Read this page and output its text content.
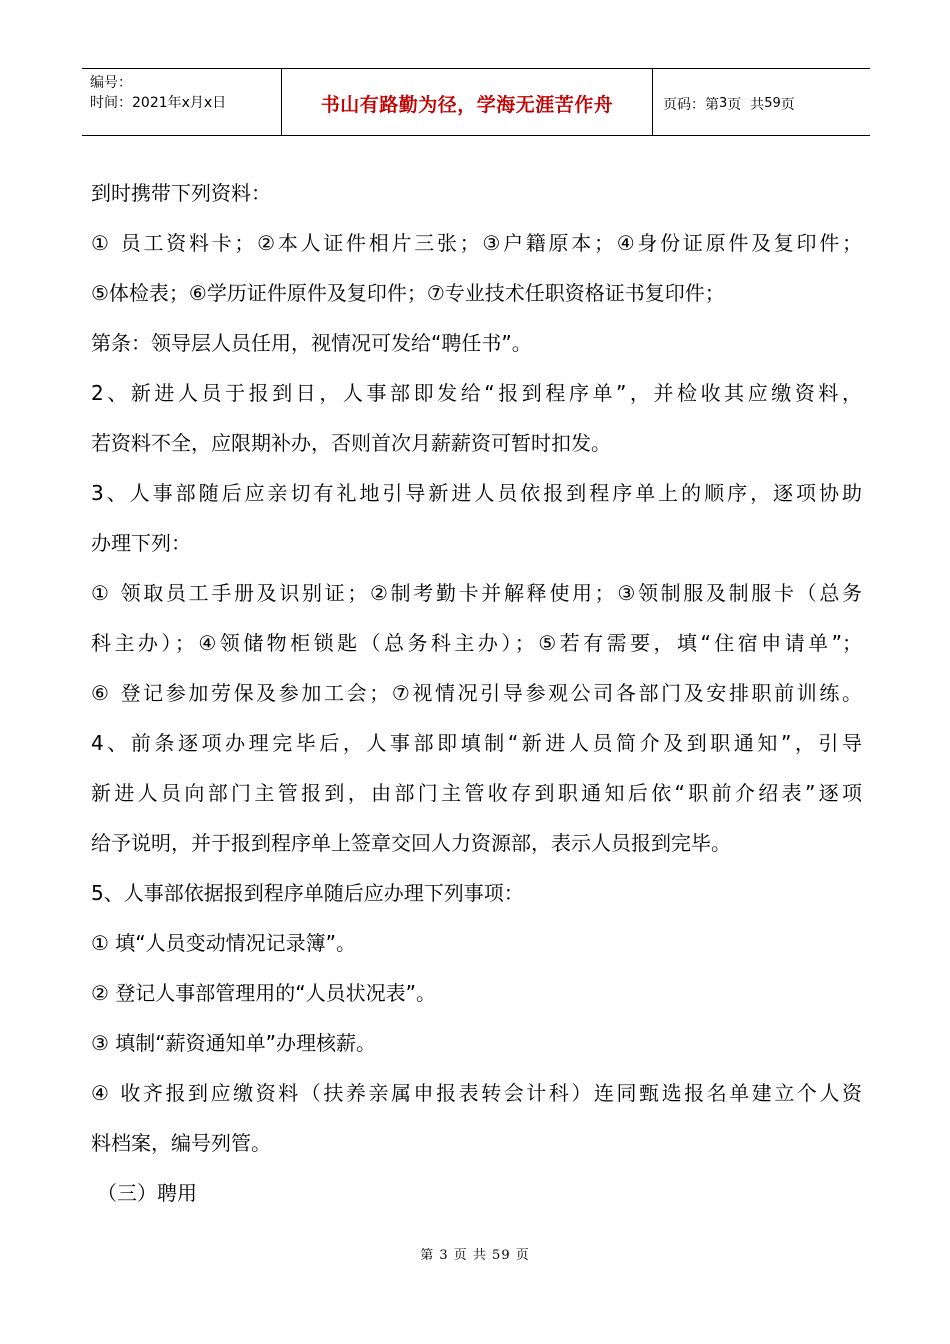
编号：
时间：2021年x月x日	书山有路勤为径，学海无涯苦作舟	页码：第 3 页  共 59 页

到时携带下列资料：

① 员工资料卡；②本人证件相片三张；③户籍原本；④身份证原件及复印件；

⑤体检表；⑥学历证件原件及复印件；⑦专业技术任职资格证书复印件；

第条：领导层人员任用，视情况可发给“聘任书”。

2、新进人员于报到日，人事部即发给“报到程序单”，并检收其应缴资料，

若资料不全，应限期补办，否则首次月薪薪资可暂时扣发。

3、人事部随后应亲切有礼地引导新进人员依报到程序单上的顺序，逐项协助

办理下列：

① 领取员工手册及识别证；②制考勤卡并解释使用；③领制服及制服卡（总务

科主办）；④领储物柜锁匙（总务科主办）；⑤若有需要，填“住宿申请单”；

⑥ 登记参加劳保及参加工会；⑦视情况引导参观公司各部门及安排职前训练。

4、前条逐项办理完毕后，人事部即填制“新进人员简介及到职通知”，引导

新进人员向部门主管报到，由部门主管收存到职通知后依“职前介绍表”逐项

给予说明，并于报到程序单上签章交回人力资源部，表示人员报到完毕。

5、人事部依据报到程序单随后应办理下列事项：

① 填“人员变动情况记录簿”。

② 登记人事部管理用的“人员状况表”。

③ 填制“薪资通知单”办理核薪。

④ 收齐报到应缴资料（扶养亲属申报表转会计科）连同甄选报名单建立个人资

料档案，编号列管。

（三）聘用

第 3 页 共 59 页
